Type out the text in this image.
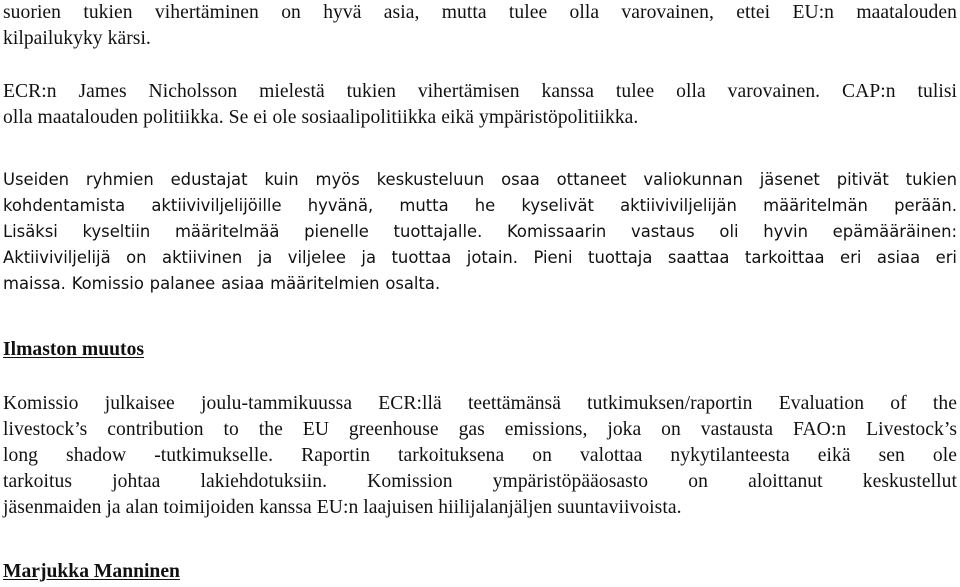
suorien tukien vihertäminen on hyvä asia, mutta tulee olla varovainen, ettei EU:n maatalouden
kilpailukyky kärsi.
ECR:n James Nicholsson mielestä tukien vihertämisen kanssa tulee olla varovainen. CAP:n tulisi
olla maatalouden politiikka. Se ei ole sosiaalipolitiikka eikä ympäristöpolitiikka.
Useiden ryhmien edustajat kuin myös keskusteluun osaa ottaneet valiokunnan jäsenet pitivät tukien
kohdentamista aktiiviviljelijöille hyvänä, mutta he kyselivät aktiiviviljelijän määritelmän perään.
Lisäksi kyseltiin määritelmää pienelle tuottajalle. Komissaarin vastaus oli hyvin epämääräinen:
Aktiiviviljelijä on aktiivinen ja viljelee ja tuottaa jotain. Pieni tuottaja saattaa tarkoittaa eri asiaa eri
maissa. Komissio palanee asiaa määritelmien osalta.
Ilmaston muutos
Komissio julkaisee joulu-tammikuussa ECR:llä teettämänsä tutkimuksen/raportin Evaluation of the
livestock’s contribution to the EU greenhouse gas emissions, joka on vastausta FAO:n Livestock’s
long shadow -tutkimukselle. Raportin tarkoituksena on valottaa nykytilanteesta eikä sen ole
tarkoitus johtaa lakiehdotuksiin. Komission ympäristöpääosasto on aloittanut keskustellut
jäsenmaiden ja alan toimijoiden kanssa EU:n laajuisen hiilijalanjäljen suuntaviivoista.
Marjukka Manninen
